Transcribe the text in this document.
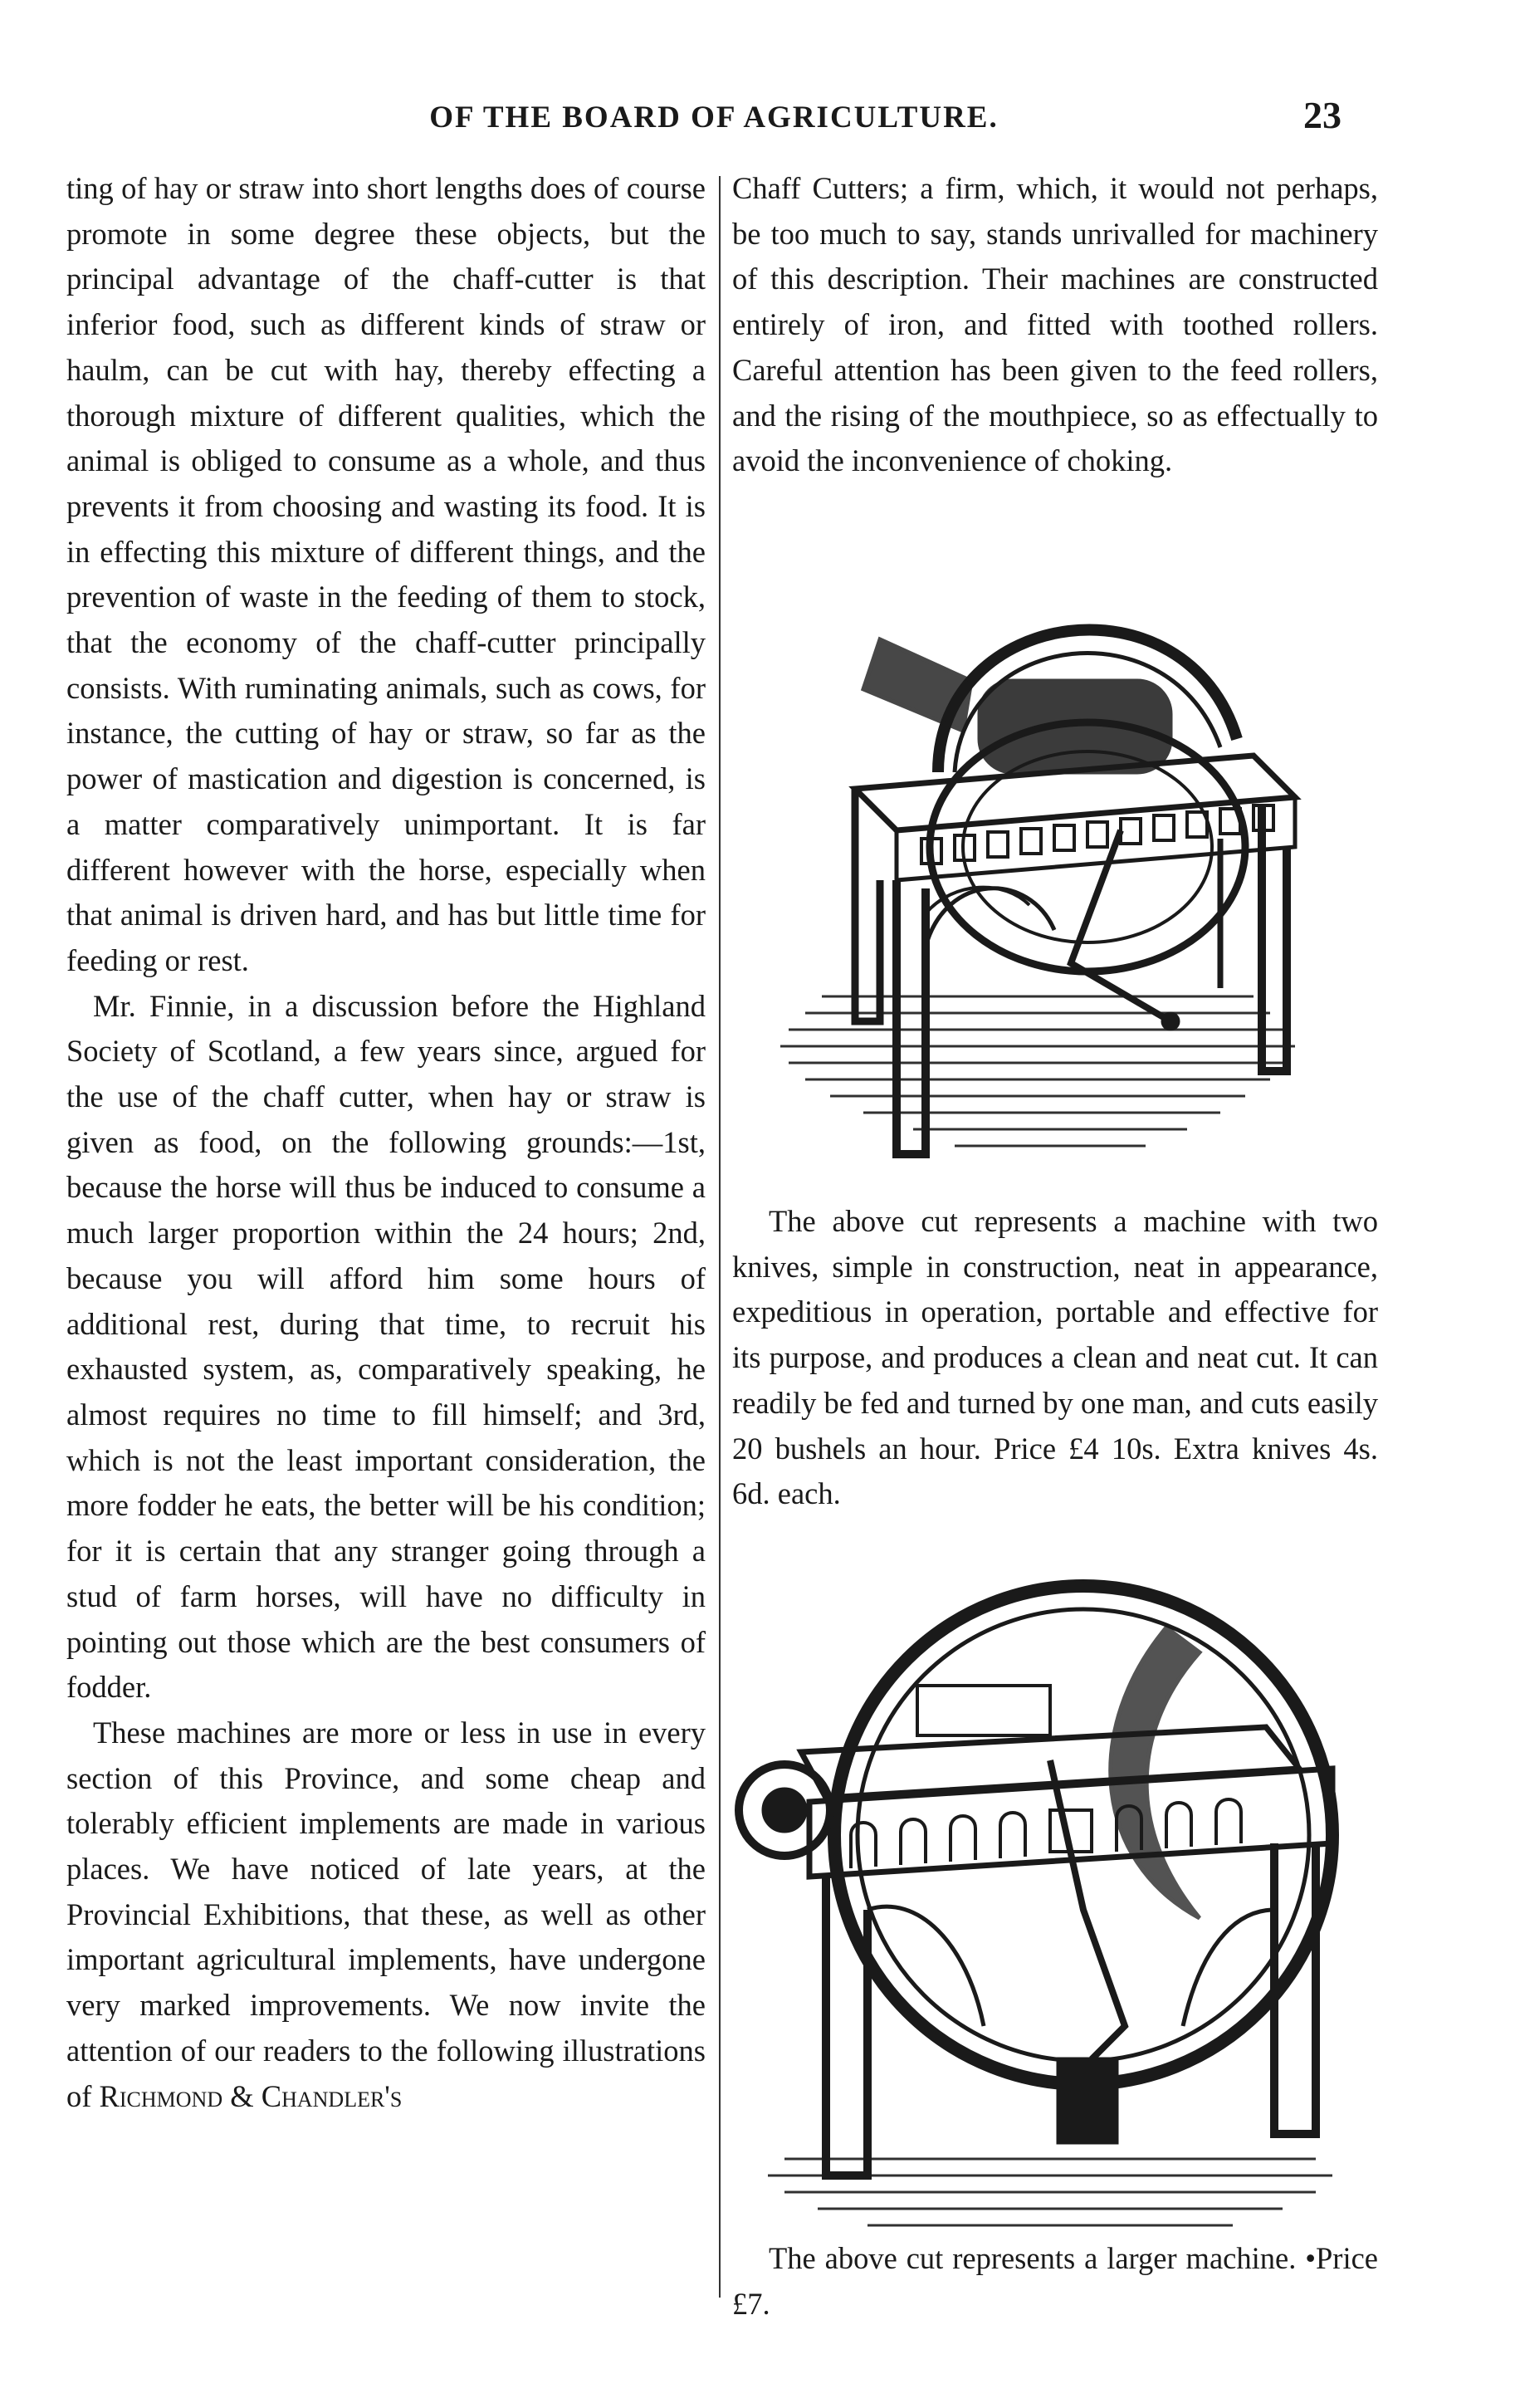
OF THE BOARD OF AGRICULTURE.	23

ting of hay or straw into short lengths does of course promote in some degree these objects, but the principal advantage of the chaff-cutter is that inferior food, such as different kinds of straw or haulm, can be cut with hay, thereby effecting a thorough mixture of different qualities, which the animal is obliged to consume as a whole, and thus prevents it from choosing and wasting its food. It is in effecting this mixture of different things, and the prevention of waste in the feeding of them to stock, that the economy of the chaff-cutter principally consists. With ruminating animals, such as cows, for instance, the cutting of hay or straw, so far as the power of mastication and digestion is concerned, is a matter comparatively unimportant. It is far different however with the horse, especially when that animal is driven hard, and has but little time for feeding or rest.

Mr. Finnie, in a discussion before the Highland Society of Scotland, a few years since, argued for the use of the chaff cutter, when hay or straw is given as food, on the following grounds:—1st, because the horse will thus be induced to consume a much larger proportion within the 24 hours; 2nd, because you will afford him some hours of additional rest, during that time, to recruit his exhausted system, as, comparatively speaking, he almost requires no time to fill himself; and 3rd, which is not the least important consideration, the more fodder he eats, the better will be his condition; for it is certain that any stranger going through a stud of farm horses, will have no difficulty in pointing out those which are the best consumers of fodder.

These machines are more or less in use in every section of this Province, and some cheap and tolerably efficient implements are made in various places. We have noticed of late years, at the Provincial Exhibitions, that these, as well as other important agricultural implements, have undergone very marked improvements. We now invite the attention of our readers to the following illustrations of Richmond & Chandler's

Chaff Cutters; a firm, which, it would not perhaps, be too much to say, stands unrivalled for machinery of this description. Their machines are constructed entirely of iron, and fitted with toothed rollers. Careful attention has been given to the feed rollers, and the rising of the mouthpiece, so as effectually to avoid the inconvenience of choking.

The above cut represents a machine with two knives, simple in construction, neat in appearance, expeditious in operation, portable and effective for its purpose, and produces a clean and neat cut. It can readily be fed and turned by one man, and cuts easily 20 bushels an hour. Price £4 10s. Extra knives 4s. 6d. each.

The above cut represents a larger machine. •Price £7.
